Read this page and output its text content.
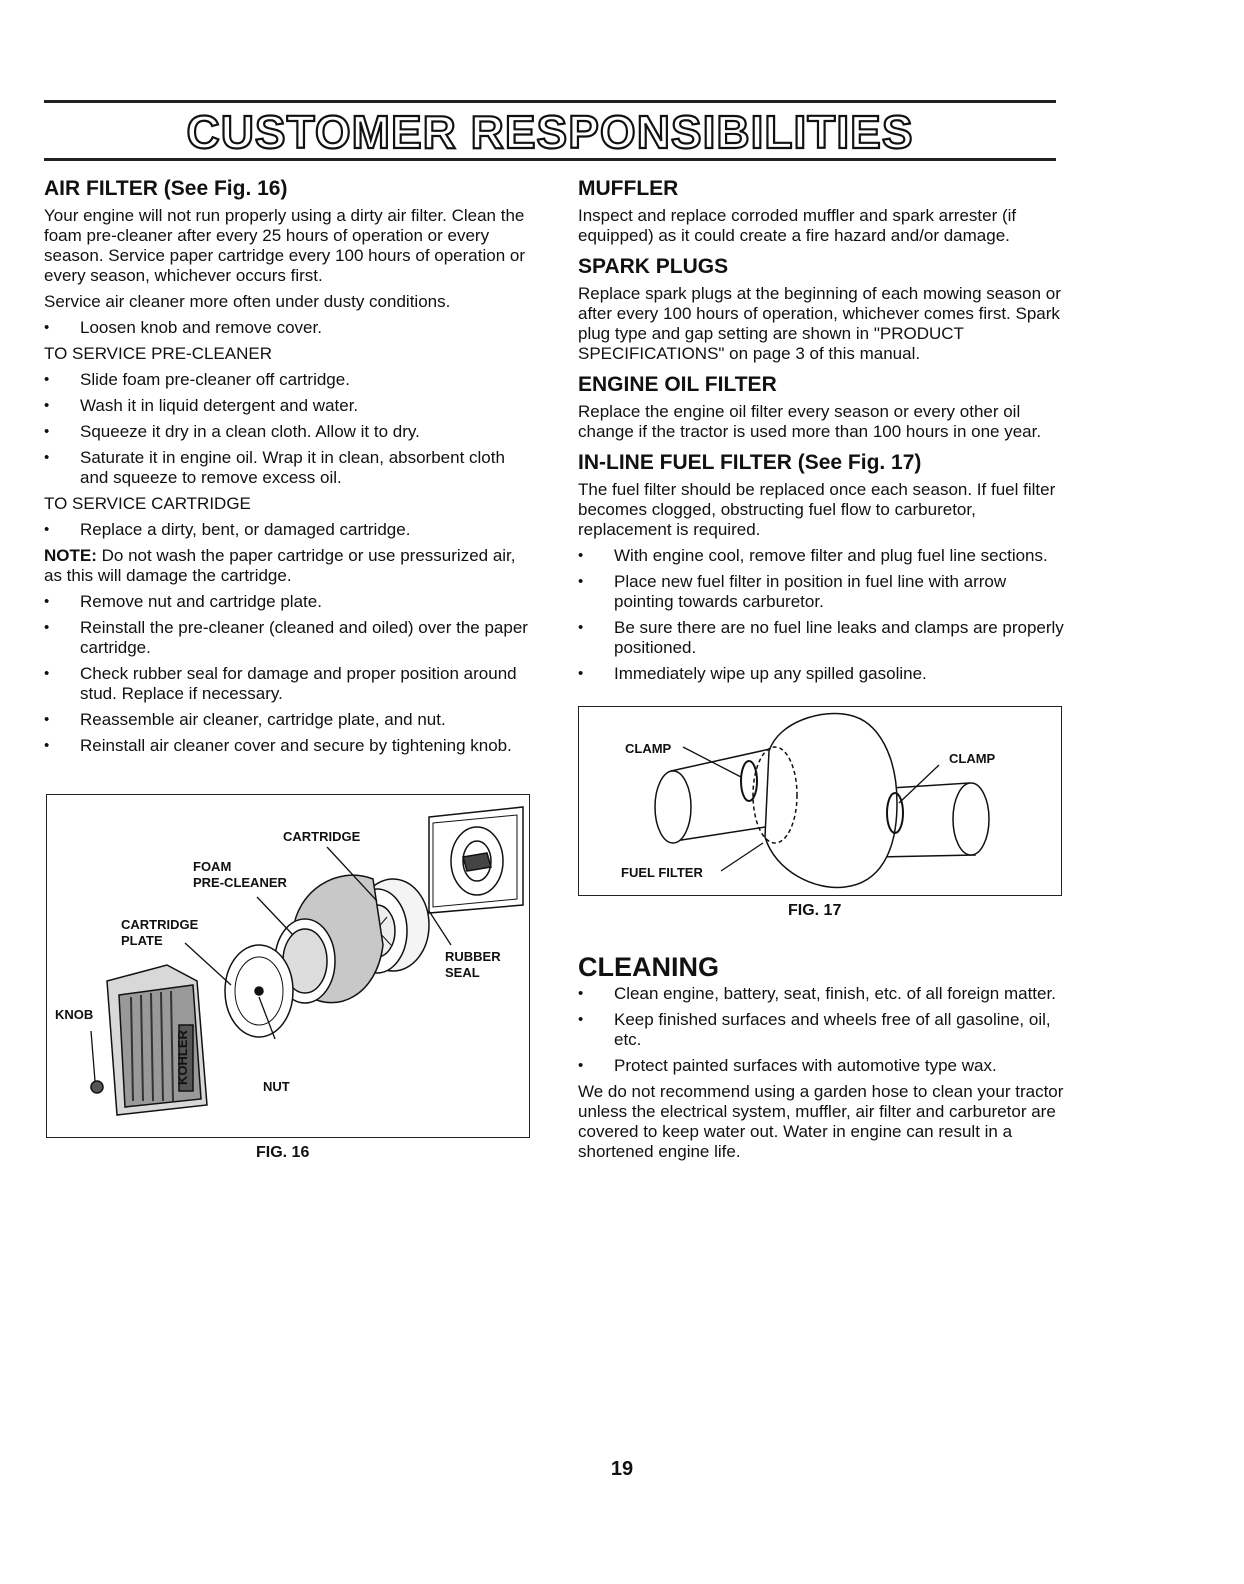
CUSTOMER RESPONSIBILITIES
AIR FILTER (See Fig. 16)

Your engine will not run properly using a dirty air filter. Clean the foam pre-cleaner after every 25 hours of operation or every season. Service paper cartridge every 100 hours of operation or every season, whichever occurs first.

Service air cleaner more often under dusty conditions.

• Loosen knob and remove cover.
TO SERVICE PRE-CLEANER
• Slide foam pre-cleaner off cartridge.
• Wash it in liquid detergent and water.
• Squeeze it dry in a clean cloth. Allow it to dry.
• Saturate it in engine oil. Wrap it in clean, absorbent cloth and squeeze to remove excess oil.
TO SERVICE CARTRIDGE
• Replace a dirty, bent, or damaged cartridge.

NOTE: Do not wash the paper cartridge or use pressurized air, as this will damage the cartridge.

• Remove nut and cartridge plate.
• Reinstall the pre-cleaner (cleaned and oiled) over the paper cartridge.
• Check rubber seal for damage and proper position around stud. Replace if necessary.
• Reassemble air cleaner, cartridge plate, and nut.
• Reinstall air cleaner cover and secure by tightening knob.
KOHLER
CARTRIDGE
FOAM
PRE-CLEANER
CARTRIDGE
PLATE
KNOB
NUT
RUBBER
SEAL
FIG. 16
MUFFLER

Inspect and replace corroded muffler and spark arrester (if equipped) as it could create a fire hazard and/or damage.

SPARK PLUGS

Replace spark plugs at the beginning of each mowing season or after every 100 hours of operation, whichever comes first. Spark plug type and gap setting are shown in "PRODUCT SPECIFICATIONS" on page 3 of this manual.

ENGINE OIL FILTER

Replace the engine oil filter every season or every other oil change if the tractor is used more than 100 hours in one year.

IN-LINE FUEL FILTER (See Fig. 17)

The fuel filter should be replaced once each season. If fuel filter becomes clogged, obstructing fuel flow to carburetor, replacement is required.

• With engine cool, remove filter and plug fuel line sections.
• Place new fuel filter in position in fuel line with arrow pointing towards carburetor.
• Be sure there are no fuel line leaks and clamps are properly positioned.
• Immediately wipe up any spilled gasoline.
CLAMP
CLAMP
FUEL FILTER
FIG. 17
CLEANING
• Clean engine, battery, seat, finish, etc. of all foreign matter.
• Keep finished surfaces and wheels free of all gasoline, oil, etc.
• Protect painted surfaces with automotive type wax.

We do not recommend using a garden hose to clean your tractor unless the electrical system, muffler, air filter and carburetor are covered to keep water out. Water in engine can result in a shortened engine life.

19
